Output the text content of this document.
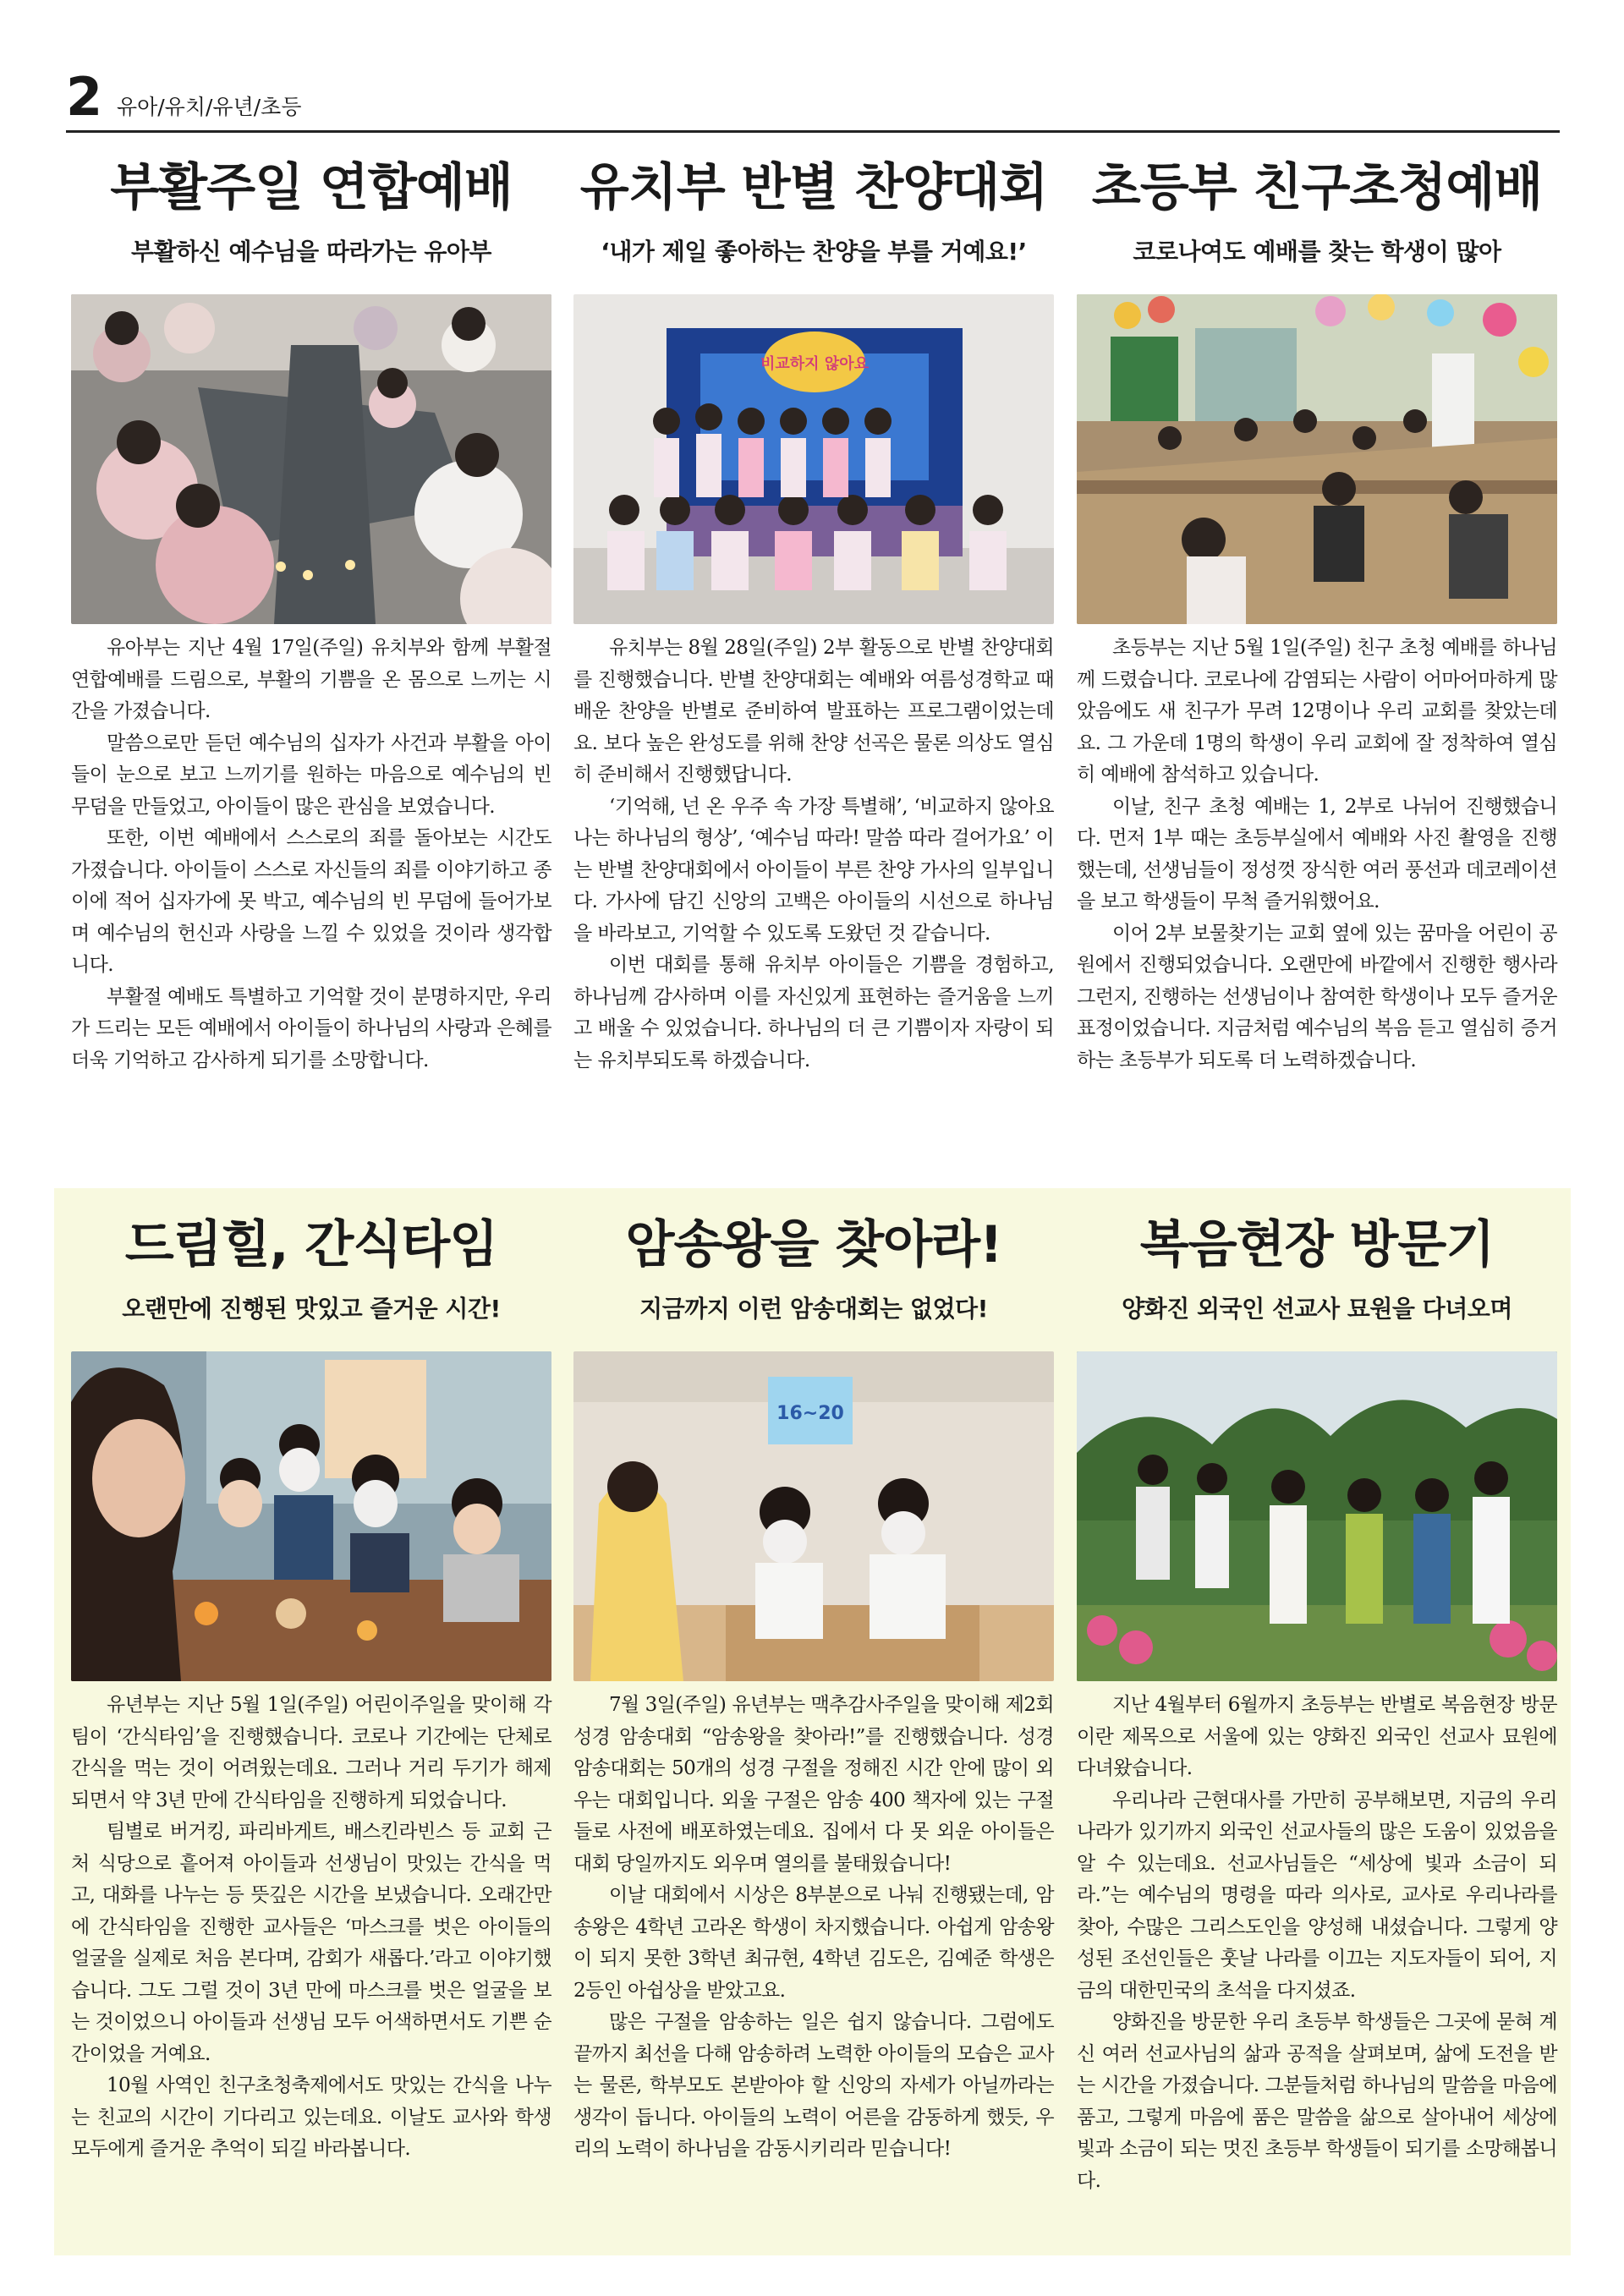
2 유아/유치/유년/초등
부활주일 연합예배
부활하신 예수님을 따라가는 유아부

유아부는 지난 4월 17일(주일) 유치부와 함께 부활절 연합예배를 드림으로, 부활의 기쁨을 온 몸으로 느끼는 시간을 가졌습니다.

말씀으로만 듣던 예수님의 십자가 사건과 부활을 아이들이 눈으로 보고 느끼기를 원하는 마음으로 예수님의 빈 무덤을 만들었고, 아이들이 많은 관심을 보였습니다.

또한, 이번 예배에서 스스로의 죄를 돌아보는 시간도 가졌습니다. 아이들이 스스로 자신들의 죄를 이야기하고 종이에 적어 십자가에 못 박고, 예수님의 빈 무덤에 들어가보며 예수님의 헌신과 사랑을 느낄 수 있었을 것이라 생각합니다.

부활절 예배도 특별하고 기억할 것이 분명하지만, 우리가 드리는 모든 예배에서 아이들이 하나님의 사랑과 은혜를 더욱 기억하고 감사하게 되기를 소망합니다.

유치부 반별 찬양대회
‘내가 제일 좋아하는 찬양을 부를 거예요!’
비교하지 않아요

유치부는 8월 28일(주일) 2부 활동으로 반별 찬양대회를 진행했습니다. 반별 찬양대회는 예배와 여름성경학교 때 배운 찬양을 반별로 준비하여 발표하는 프로그램이었는데요. 보다 높은 완성도를 위해 찬양 선곡은 물론 의상도 열심히 준비해서 진행했답니다.

‘기억해, 넌 온 우주 속 가장 특별해’, ‘비교하지 않아요 나는 하나님의 형상’, ‘예수님 따라! 말씀 따라 걸어가요’ 이는 반별 찬양대회에서 아이들이 부른 찬양 가사의 일부입니다. 가사에 담긴 신앙의 고백은 아이들의 시선으로 하나님을 바라보고, 기억할 수 있도록 도왔던 것 같습니다.

이번 대회를 통해 유치부 아이들은 기쁨을 경험하고, 하나님께 감사하며 이를 자신있게 표현하는 즐거움을 느끼고 배울 수 있었습니다. 하나님의 더 큰 기쁨이자 자랑이 되는 유치부되도록 하겠습니다.

초등부 친구초청예배
코로나여도 예배를 찾는 학생이 많아

초등부는 지난 5월 1일(주일) 친구 초청 예배를 하나님께 드렸습니다. 코로나에 감염되는 사람이 어마어마하게 많았음에도 새 친구가 무려 12명이나 우리 교회를 찾았는데요. 그 가운데 1명의 학생이 우리 교회에 잘 정착하여 열심히 예배에 참석하고 있습니다.

이날, 친구 초청 예배는 1, 2부로 나뉘어 진행했습니다. 먼저 1부 때는 초등부실에서 예배와 사진 촬영을 진행했는데, 선생님들이 정성껏 장식한 여러 풍선과 데코레이션을 보고 학생들이 무척 즐거워했어요.

이어 2부 보물찾기는 교회 옆에 있는 꿈마을 어린이 공원에서 진행되었습니다. 오랜만에 바깥에서 진행한 행사라 그런지, 진행하는 선생님이나 참여한 학생이나 모두 즐거운 표정이었습니다. 지금처럼 예수님의 복음 듣고 열심히 증거하는 초등부가 되도록 더 노력하겠습니다.

드림힐, 간식타임
오랜만에 진행된 맛있고 즐거운 시간!

유년부는 지난 5월 1일(주일) 어린이주일을 맞이해 각 팀이 ‘간식타임’을 진행했습니다. 코로나 기간에는 단체로 간식을 먹는 것이 어려웠는데요. 그러나 거리 두기가 해제되면서 약 3년 만에 간식타임을 진행하게 되었습니다.

팀별로 버거킹, 파리바게트, 배스킨라빈스 등 교회 근처 식당으로 흩어져 아이들과 선생님이 맛있는 간식을 먹고, 대화를 나누는 등 뜻깊은 시간을 보냈습니다. 오래간만에 간식타임을 진행한 교사들은 ‘마스크를 벗은 아이들의 얼굴을 실제로 처음 본다며, 감회가 새롭다.’라고 이야기했습니다. 그도 그럴 것이 3년 만에 마스크를 벗은 얼굴을 보는 것이었으니 아이들과 선생님 모두 어색하면서도 기쁜 순간이었을 거예요.

10월 사역인 친구초청축제에서도 맛있는 간식을 나누는 친교의 시간이 기다리고 있는데요. 이날도 교사와 학생 모두에게 즐거운 추억이 되길 바라봅니다.

암송왕을 찾아라!
지금까지 이런 암송대회는 없었다!
16~20

7월 3일(주일) 유년부는 맥추감사주일을 맞이해 제2회 성경 암송대회 “암송왕을 찾아라!”를 진행했습니다. 성경 암송대회는 50개의 성경 구절을 정해진 시간 안에 많이 외우는 대회입니다. 외울 구절은 암송 400 책자에 있는 구절들로 사전에 배포하였는데요. 집에서 다 못 외운 아이들은 대회 당일까지도 외우며 열의를 불태웠습니다!

이날 대회에서 시상은 8부분으로 나눠 진행됐는데, 암송왕은 4학년 고라온 학생이 차지했습니다. 아쉽게 암송왕이 되지 못한 3학년 최규현, 4학년 김도은, 김예준 학생은 2등인 아쉽상을 받았고요.

많은 구절을 암송하는 일은 쉽지 않습니다. 그럼에도 끝까지 최선을 다해 암송하려 노력한 아이들의 모습은 교사는 물론, 학부모도 본받아야 할 신앙의 자세가 아닐까라는 생각이 듭니다. 아이들의 노력이 어른을 감동하게 했듯, 우리의 노력이 하나님을 감동시키리라 믿습니다!

복음현장 방문기
양화진 외국인 선교사 묘원을 다녀오며

지난 4월부터 6월까지 초등부는 반별로 복음현장 방문이란 제목으로 서울에 있는 양화진 외국인 선교사 묘원에 다녀왔습니다.

우리나라 근현대사를 가만히 공부해보면, 지금의 우리나라가 있기까지 외국인 선교사들의 많은 도움이 있었음을 알 수 있는데요. 선교사님들은 “세상에 빛과 소금이 되라.”는 예수님의 명령을 따라 의사로, 교사로 우리나라를 찾아, 수많은 그리스도인을 양성해 내셨습니다. 그렇게 양성된 조선인들은 훗날 나라를 이끄는 지도자들이 되어, 지금의 대한민국의 초석을 다지셨죠.

양화진을 방문한 우리 초등부 학생들은 그곳에 묻혀 계신 여러 선교사님의 삶과 공적을 살펴보며, 삶에 도전을 받는 시간을 가졌습니다. 그분들처럼 하나님의 말씀을 마음에 품고, 그렇게 마음에 품은 말씀을 삶으로 살아내어 세상에 빛과 소금이 되는 멋진 초등부 학생들이 되기를 소망해봅니다.
